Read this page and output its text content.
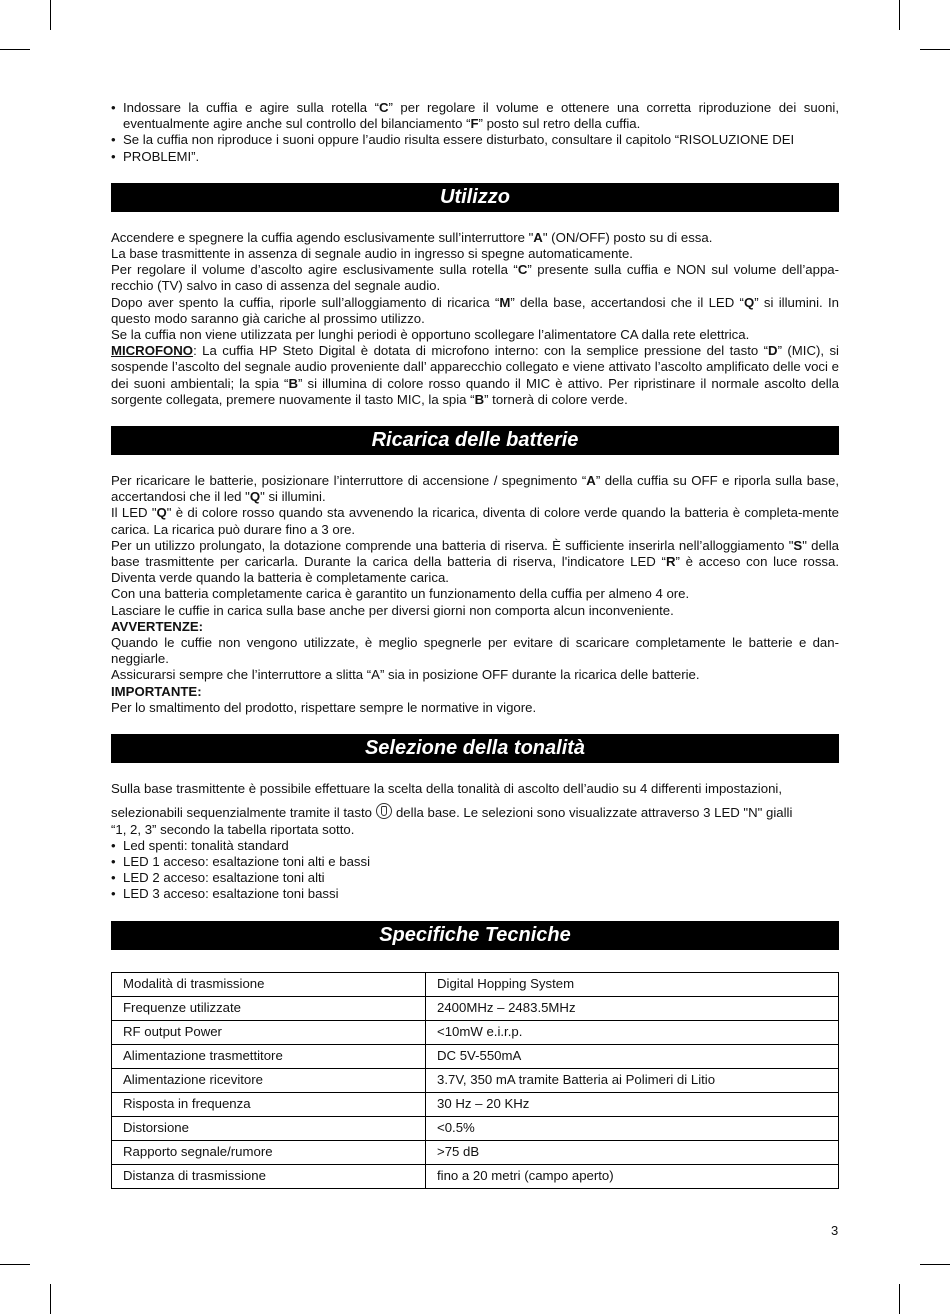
• Indossare la cuffia e agire sulla rotella “C” per regolare il volume e ottenere una corretta riproduzione dei suoni, eventualmente agire anche sul controllo del bilanciamento “F” posto sul retro della cuffia.
• Se la cuffia non riproduce i suoni oppure l’audio risulta essere disturbato, consultare il capitolo “RISOLUZIONE DEI
• PROBLEMI”.
Utilizzo

Accendere e spegnere la cuffia agendo esclusivamente sull’interruttore "A" (ON/OFF) posto su di essa.

La base trasmittente in assenza di segnale audio in ingresso si spegne automaticamente.

Per regolare il volume d’ascolto agire esclusivamente sulla rotella “C” presente sulla cuffia e NON sul volume dell’appa-recchio (TV) salvo in caso di assenza del segnale audio.

Dopo aver spento la cuffia, riporle sull’alloggiamento di ricarica “M” della base, accertandosi che il LED “Q” si illumini. In questo modo saranno già cariche al prossimo utilizzo.

Se la cuffia non viene utilizzata per lunghi periodi è opportuno scollegare l’alimentatore CA dalla rete elettrica.

MICROFONO: La cuffia HP Steto Digital è dotata di microfono interno: con la semplice pressione del tasto “D” (MIC), si sospende l’ascolto del segnale audio proveniente dall’ apparecchio collegato e viene attivato l’ascolto amplificato delle voci e dei suoni ambientali; la spia “B” si illumina di colore rosso quando il MIC è attivo. Per ripristinare il normale ascolto della sorgente collegata, premere nuovamente il tasto MIC, la spia “B” tornerà di colore verde.

Ricarica delle batterie

Per ricaricare le batterie, posizionare l’interruttore di accensione / spegnimento “A” della cuffia su OFF e riporla sulla base, accertandosi che il led "Q" si illumini.

Il LED "Q" è di colore rosso quando sta avvenendo la ricarica, diventa di colore verde quando la batteria è completa-mente carica. La ricarica può durare fino a 3 ore.

Per un utilizzo prolungato, la dotazione comprende una batteria di riserva. È sufficiente inserirla nell’alloggiamento "S" della base trasmittente per caricarla. Durante la carica della batteria di riserva, l'indicatore LED “R” è acceso con luce rossa. Diventa verde quando la batteria è completamente carica.

Con una batteria completamente carica è garantito un funzionamento della cuffia per almeno 4 ore.

Lasciare le cuffie in carica sulla base anche per diversi giorni non comporta alcun inconveniente.

AVVERTENZE:

Quando le cuffie non vengono utilizzate, è meglio spegnerle per evitare di scaricare completamente le batterie e dan-neggiarle.

Assicurarsi sempre che l’interruttore a slitta “A” sia in posizione OFF durante la ricarica delle batterie.

IMPORTANTE:

Per lo smaltimento del prodotto, rispettare sempre le normative in vigore.

Selezione della tonalità

Sulla base trasmittente è possibile effettuare la scelta della tonalità di ascolto dell’audio su 4 differenti impostazioni,

selezionabili sequenzialmente tramite il tasto della base. Le selezioni sono visualizzate attraverso 3 LED "N" gialli

“1, 2, 3” secondo la tabella riportata sotto.

• Led spenti: tonalità standard
• LED 1 acceso: esaltazione toni alti e bassi
• LED 2 acceso: esaltazione toni alti
• LED 3 acceso: esaltazione toni bassi
Specifiche Tecniche
Modalità di trasmissione	Digital Hopping System
Frequenze utilizzate	2400MHz – 2483.5MHz
RF output Power	<10mW e.i.r.p.
Alimentazione trasmettitore	DC 5V-550mA
Alimentazione ricevitore	3.7V, 350 mA tramite Batteria ai Polimeri di Litio
Risposta in frequenza	30 Hz – 20 KHz
Distorsione	<0.5%
Rapporto segnale/rumore	>75 dB
Distanza di trasmissione	fino a 20 metri (campo aperto)
3
